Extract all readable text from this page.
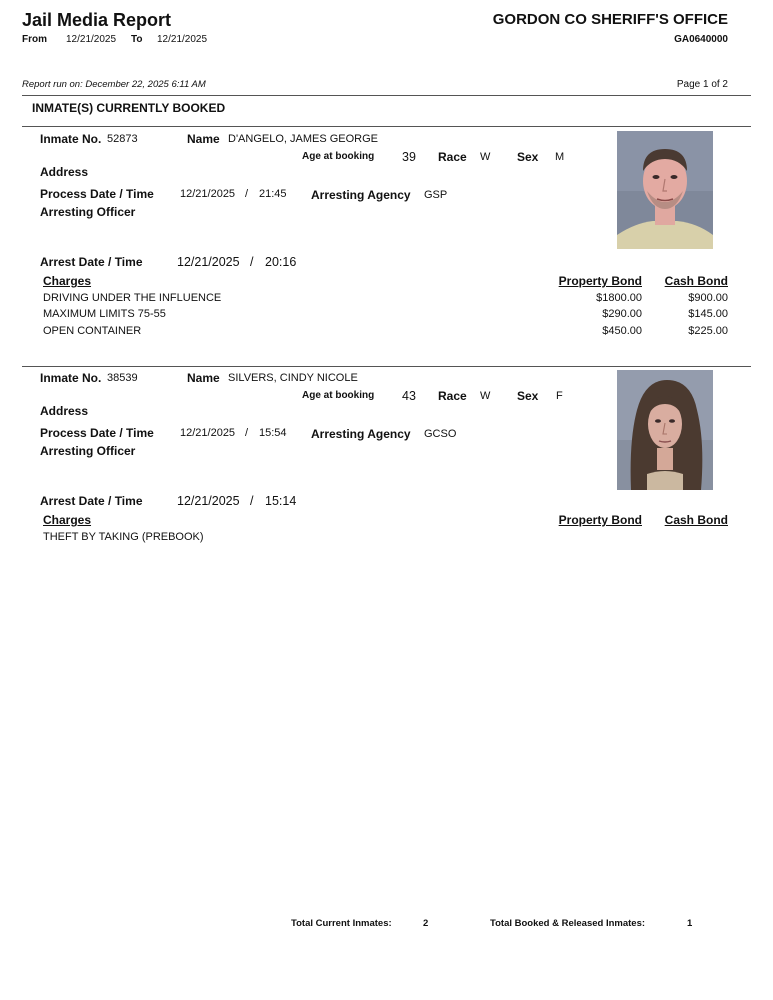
Jail Media Report
From 12/21/2025 To 12/21/2025
GORDON CO SHERIFF'S OFFICE
GA0640000
Report run on: December 22, 2025 6:11 AM	Page 1 of 2
INMATE(S) CURRENTLY BOOKED
Inmate No. 52873	Name D'ANGELO, JAMES GEORGE
Age at booking 39 Race W Sex M
Address
Process Date / Time 12/21/2025 / 21:45 Arresting Agency GSP
Arresting Officer
Arrest Date / Time	12/21/2025 / 20:16
Charges	Property Bond Cash Bond
DRIVING UNDER THE INFLUENCE	$1800.00	$900.00
MAXIMUM LIMITS 75-55	$290.00	$145.00
OPEN CONTAINER	$450.00	$225.00
Inmate No. 38539	Name SILVERS, CINDY NICOLE
Age at booking 43 Race W Sex F
Address
Process Date / Time 12/21/2025 / 15:54 Arresting Agency GCSO
Arresting Officer
Arrest Date / Time	12/21/2025 / 15:14
Charges	Property Bond Cash Bond
THEFT BY TAKING (PREBOOK)
Total Current Inmates:	2	Total Booked & Released Inmates:	1
